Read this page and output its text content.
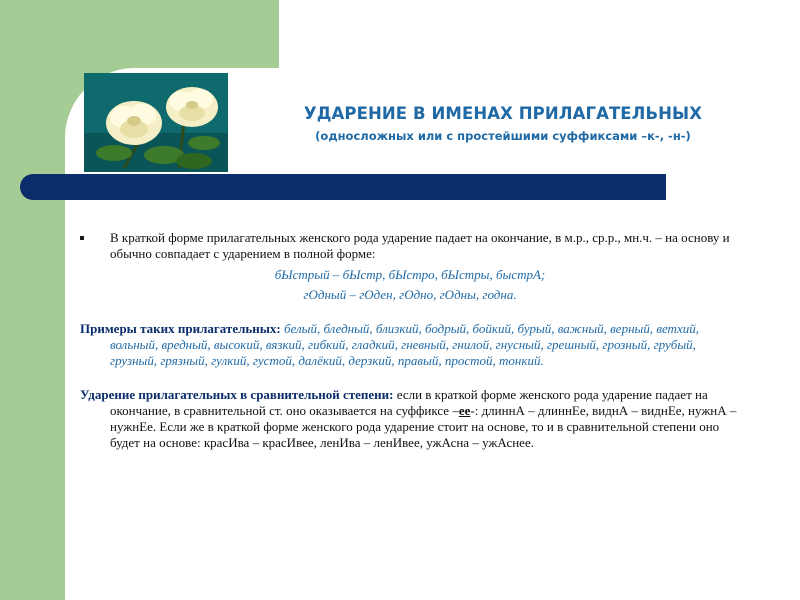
УДАРЕНИЕ В ИМЕНАХ ПРИЛАГАТЕЛЬНЫХ
(односложных или с простейшими суффиксами –к-, -н-)
В краткой форме прилагательных женского рода ударение падает на окончание, в м.р., ср.р., мн.ч. – на основу и обычно совпадает с ударением в полной форме:
бЫстрый – бЫстр, бЫстро, бЫстры, быстрА;
гОдный – гОден, гОдно, гОдны, годна.
Примеры таких прилагательных: белый, бледный, близкий, бодрый, бойкий, бурый, важный, верный, ветхий, вольный, вредный, высокий, вязкий, гибкий, гладкий, гневный, гнилой, гнусный, грешный, грозный, грубый, грузный, грязный, гулкий, густой, далёкий, дерзкий, правый, простой, тонкий.
Ударение прилагательных в сравнительной степени: если в краткой форме женского рода ударение падает на окончание, в сравнительной ст. оно оказывается на суффиксе –ее-: длиннА – длиннЕе, виднА – виднЕе, нужнА – нужнЕе. Если же в краткой форме женского рода ударение стоит на основе, то и в сравнительной степени оно будет на основе: красИва – красИвее, ленИва – ленИвее, ужАсна – ужАснее.
